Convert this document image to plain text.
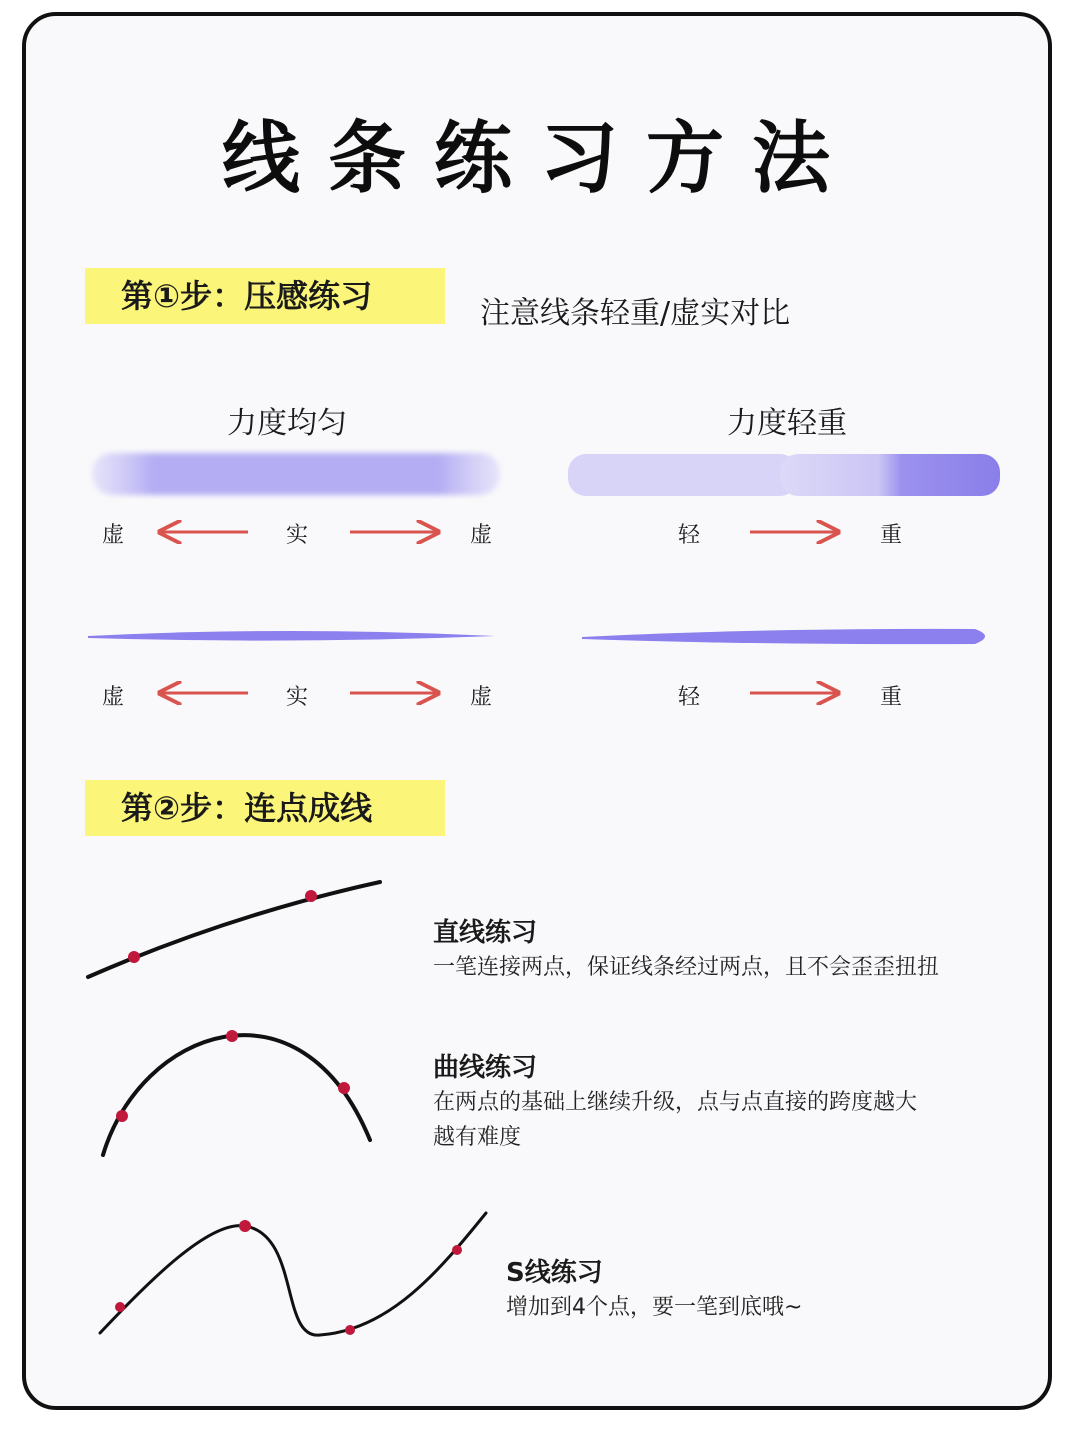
线条练习方法
第①步：压感练习	注意线条轻重/虚实对比
力度均匀	力度轻重
虚	实	虚	轻	重
虚	实	虚	轻	重
第②步：连点成线
直线练习
一笔连接两点，保证线条经过两点，且不会歪歪扭扭
曲线练习
在两点的基础上继续升级，点与点直接的跨度越大
越有难度
S线练习
增加到4个点，要一笔到底哦~
